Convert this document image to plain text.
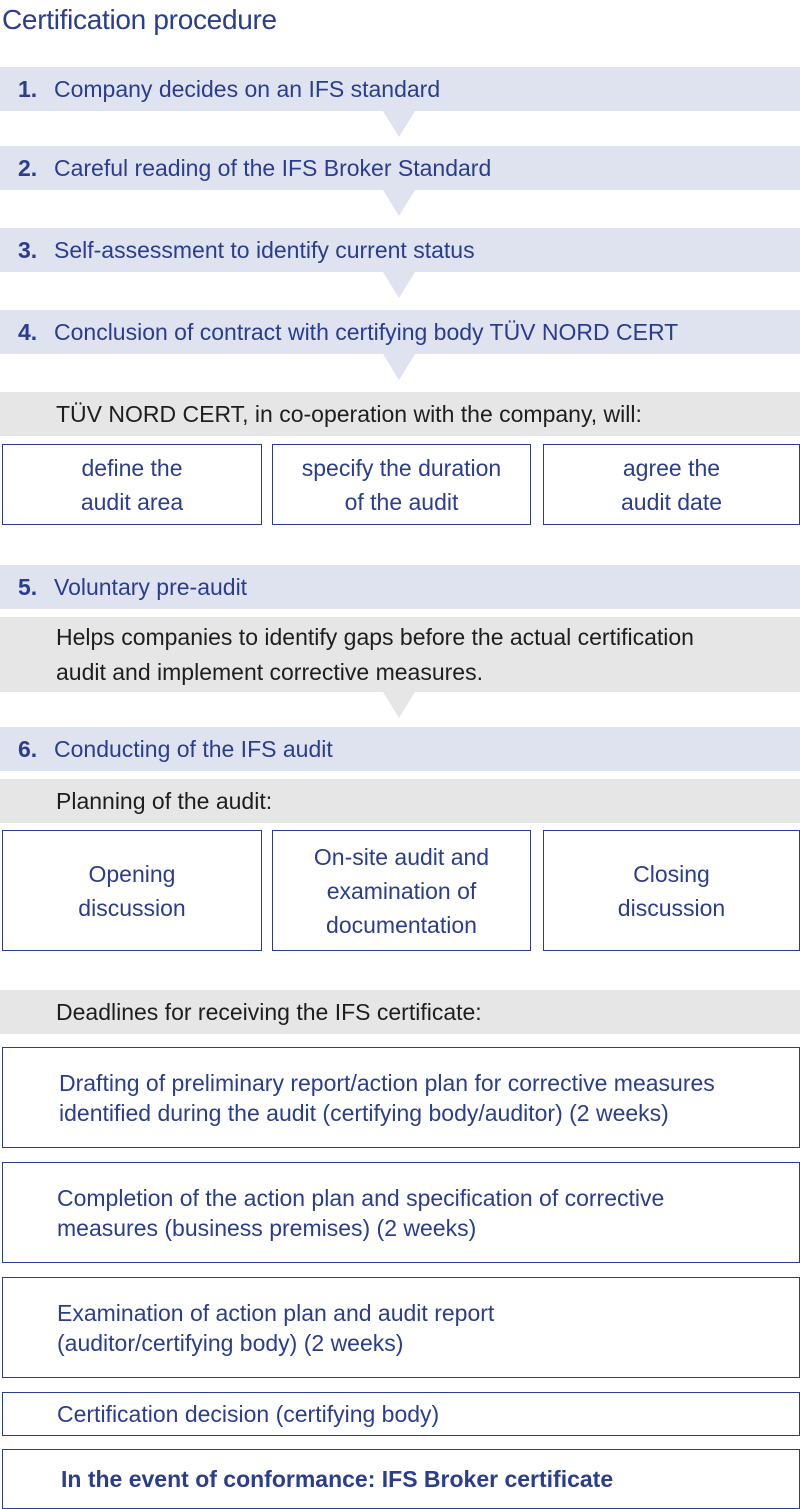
Certification procedure
1. Company decides on an IFS standard
2. Careful reading of the IFS Broker Standard
3. Self-assessment to identify current status
4. Conclusion of contract with certifying body TÜV NORD CERT
TÜV NORD CERT, in co-operation with the company, will:
define the
audit area
specify the duration
of the audit
agree the
audit date
5. Voluntary pre-audit
Helps companies to identify gaps before the actual certification
audit and implement corrective measures.
6. Conducting of the IFS audit
Planning of the audit:
Opening
discussion
On-site audit and
examination of
documentation
Closing
discussion
Deadlines for receiving the IFS certificate:
Drafting of preliminary report/action plan for corrective measures
identified during the audit (certifying body/auditor) (2 weeks)
Completion of the action plan and specification of corrective
measures (business premises) (2 weeks)
Examination of action plan and audit report
(auditor/certifying body) (2 weeks)
Certification decision (certifying body)
In the event of conformance: IFS Broker certificate
